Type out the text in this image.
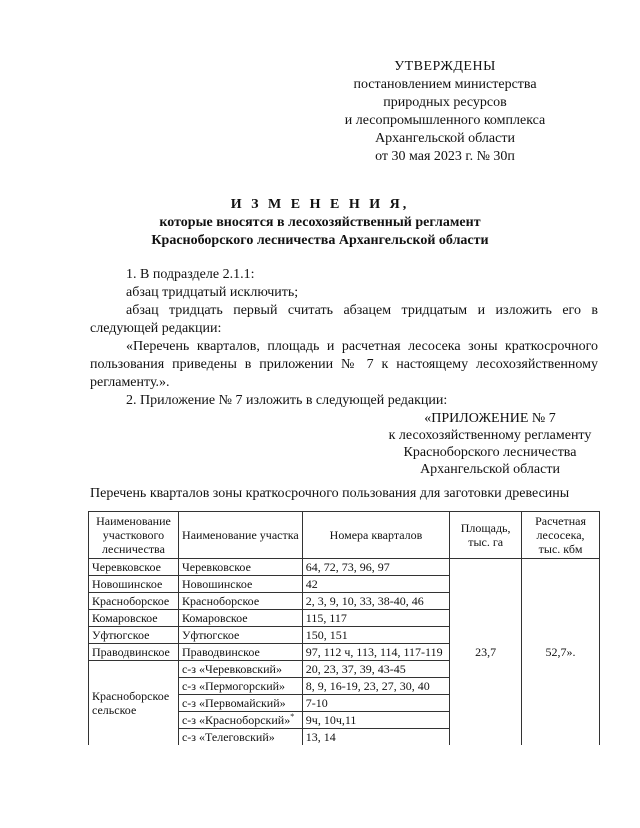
УТВЕРЖДЕНЫ
постановлением министерства
природных ресурсов
и лесопромышленного комплекса
Архангельской области
от 30 мая 2023 г. № 30п
И З М Е Н Е Н И Я,
которые вносятся в лесохозяйственный регламент
Красноборского лесничества Архангельской области
1. В подразделе 2.1.1:
абзац тридцатый исключить;
абзац тридцать первый считать абзацем тридцатым и изложить его в следующей редакции:
«Перечень кварталов, площадь и расчетная лесосека зоны краткосрочного пользования приведены в приложении № 7 к настоящему лесохозяйственному регламенту.».
2. Приложение № 7 изложить в следующей редакции:
«ПРИЛОЖЕНИЕ № 7
к лесохозяйственному регламенту
Красноборского лесничества
Архангельской области
Перечень кварталов зоны краткосрочного пользования для заготовки древесины
Наименование участкового лесничества	Наименование участка	Номера кварталов	Площадь, тыс. га	Расчетная лесосека, тыс. кбм
Черевковское	Черевковское	64, 72, 73, 96, 97	23,7	52,7».
Новошинское	Новошинское	42		
Красноборское	Красноборское	2, 3, 9, 10, 33, 38-40, 46		
Комаровское	Комаровское	115, 117		
Уфтюгское	Уфтюгское	150, 151		
Праводвинское	Праводвинское	97, 112 ч, 113, 114, 117-119		
Красноборское сельское	с-з «Черевковский»	20, 23, 37, 39, 43-45		
	с-з «Пермогорский»	8, 9, 16-19, 23, 27, 30, 40		
	с-з «Первомайский»	7-10		
	с-з «Красноборский»*	9ч, 10ч,11		
	с-з «Телеговский»	13, 14		
